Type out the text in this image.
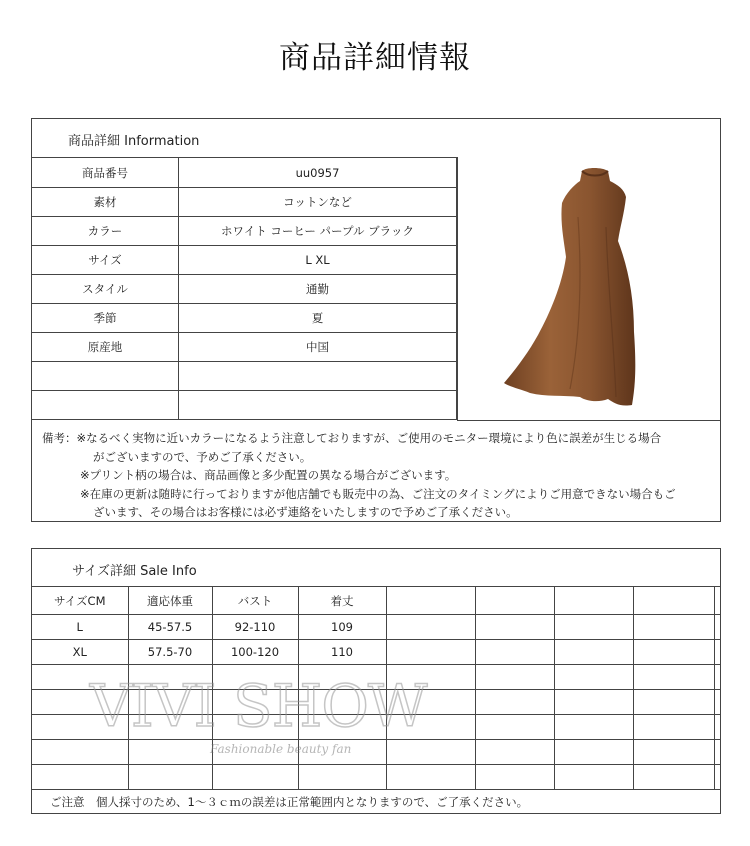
商品詳細情報
商品詳細 Information
商品番号	uu0957
素材	コットンなど
カラー	ホワイト コーヒー パープル ブラック
サイズ	L XL
スタイル	通勤
季節	夏
原産地	中国

備考：※なるべく実物に近いカラーになるよう注意しておりますが、ご使用のモニター環境により色に誤差が生じる場合
がございますので、予めご了承ください。
※プリント柄の場合は、商品画像と多少配置の異なる場合がございます。
※在庫の更新は随時に行っておりますが他店舗でも販売中の為、ご注文のタイミングによりご用意できない場合もご
ざいます、その場合はお客様には必ず連絡をいたしますので予めご了承ください。
サイズ詳細 Sale Info
サイズCM	適応体重	バスト	着丈					
L	45-57.5	92-110	109					
XL	57.5-70	100-120	110					

ご注意　個人採寸のため、1～３ｃｍの誤差は正常範囲内となりますので、ご了承ください。
VIVI SHOW
Fashionable beauty fan
